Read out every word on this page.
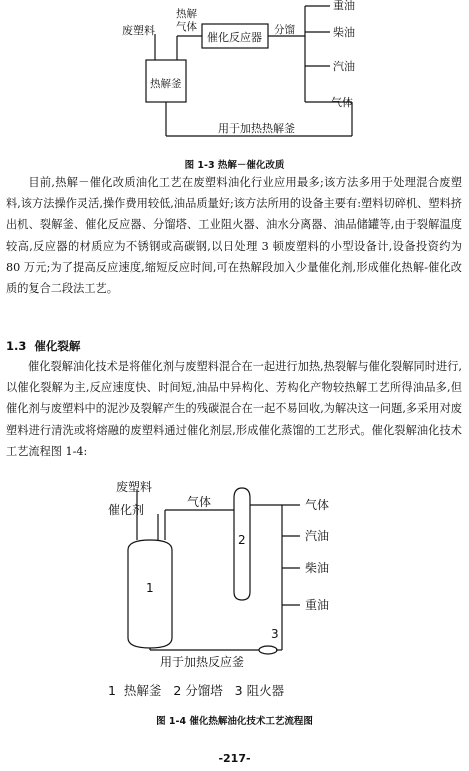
废塑料
热解
气体
催化反应器
分馏
热解釜
重油
柴油
汽油
气体
用于加热热解釜
废塑料
催化剂
气体
1
2
3
气体
汽油
柴油
重油
用于加热反应釜
1  热解釜   2 分馏塔   3 阻火器
图 1-3 热解－催化改质

目前,热解－催化改质油化工艺在废塑料油化行业应用最多;该方法多用于处理混合废塑料,该方法操作灵活,操作费用较低,油品质量好;该方法所用的设备主要有:塑料切碎机、塑料挤出机、裂解釜、催化反应器、分馏塔、工业阻火器、油水分离器、油品储罐等,由于裂解温度较高,反应器的材质应为不锈钢或高碳钢,以日处理 3 顿废塑料的小型设备计,设备投资约为 80 万元;为了提高反应速度,缩短反应时间,可在热解段加入少量催化剂,形成催化热解-催化改质的复合二段法工艺。

1.3 催化裂解

催化裂解油化技术是将催化剂与废塑料混合在一起进行加热,热裂解与催化裂解同时进行,以催化裂解为主,反应速度快、时间短,油品中异构化、芳构化产物较热解工艺所得油品多,但催化剂与废塑料中的泥沙及裂解产生的残碳混合在一起不易回收,为解决这一问题,多采用对废塑料进行清洗或将熔融的废塑料通过催化剂层,形成催化蒸馏的工艺形式。催化裂解油化技术工艺流程图 1-4:

图 1-4 催化热解油化技术工艺流程图
-217-
